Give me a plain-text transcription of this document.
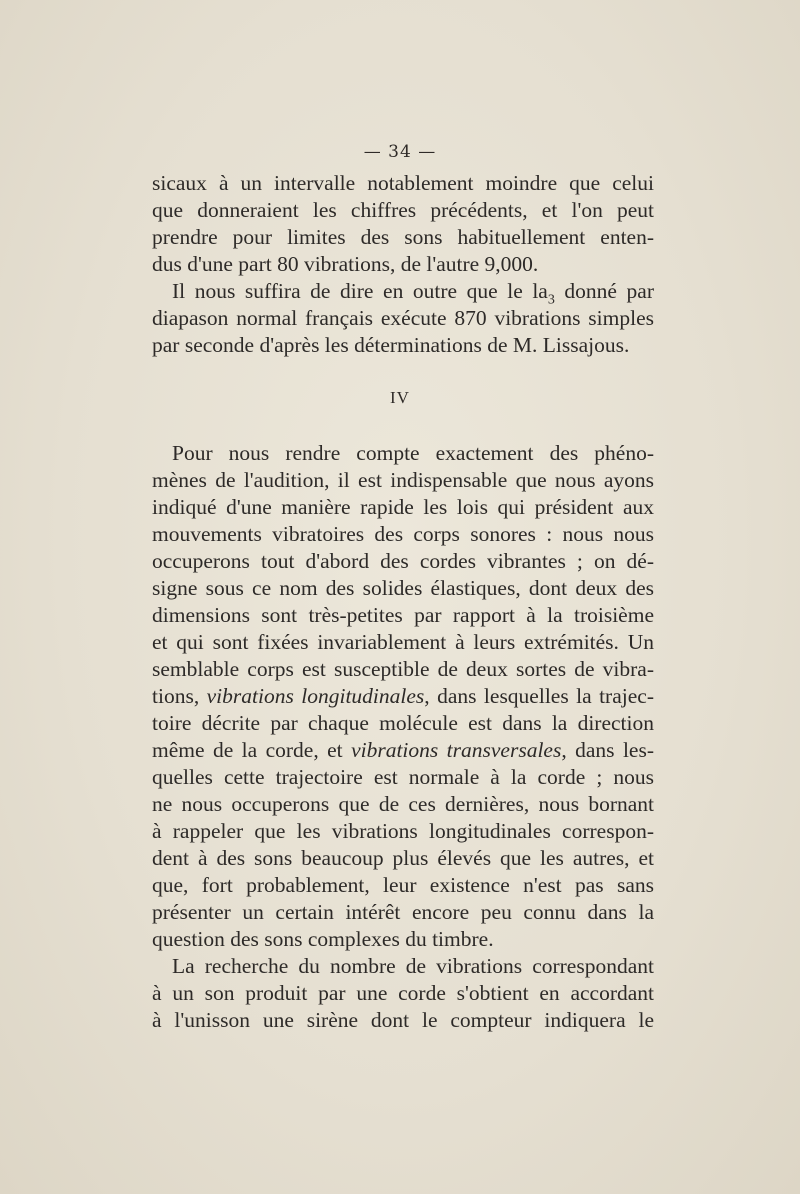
— 34 —
sicaux à un intervalle notablement moindre que celui
que donneraient les chiffres précédents, et l'on peut
prendre pour limites des sons habituellement enten-
dus d'une part 80 vibrations, de l'autre 9,000.
Il nous suffira de dire en outre que le $la_3$ donné par
diapason normal français exécute 870 vibrations simples
par seconde d'après les déterminations de M. Lissajous.
IV
Pour nous rendre compte exactement des phéno-
mènes de l'audition, il est indispensable que nous ayons
indiqué d'une manière rapide les lois qui président aux
mouvements vibratoires des corps sonores : nous nous
occuperons tout d'abord des cordes vibrantes ; on dé-
signe sous ce nom des solides élastiques, dont deux des
dimensions sont très-petites par rapport à la troisième
et qui sont fixées invariablement à leurs extrémités. Un
semblable corps est susceptible de deux sortes de vibra-
tions, vibrations longitudinales, dans lesquelles la trajec-
toire décrite par chaque molécule est dans la direction
même de la corde, et vibrations transversales, dans les-
quelles cette trajectoire est normale à la corde ; nous
ne nous occuperons que de ces dernières, nous bornant
à rappeler que les vibrations longitudinales correspon-
dent à des sons beaucoup plus élevés que les autres, et
que, fort probablement, leur existence n'est pas sans
présenter un certain intérêt encore peu connu dans la
question des sons complexes du timbre.
La recherche du nombre de vibrations correspondant
à un son produit par une corde s'obtient en accordant
à l'unisson une sirène dont le compteur indiquera le
